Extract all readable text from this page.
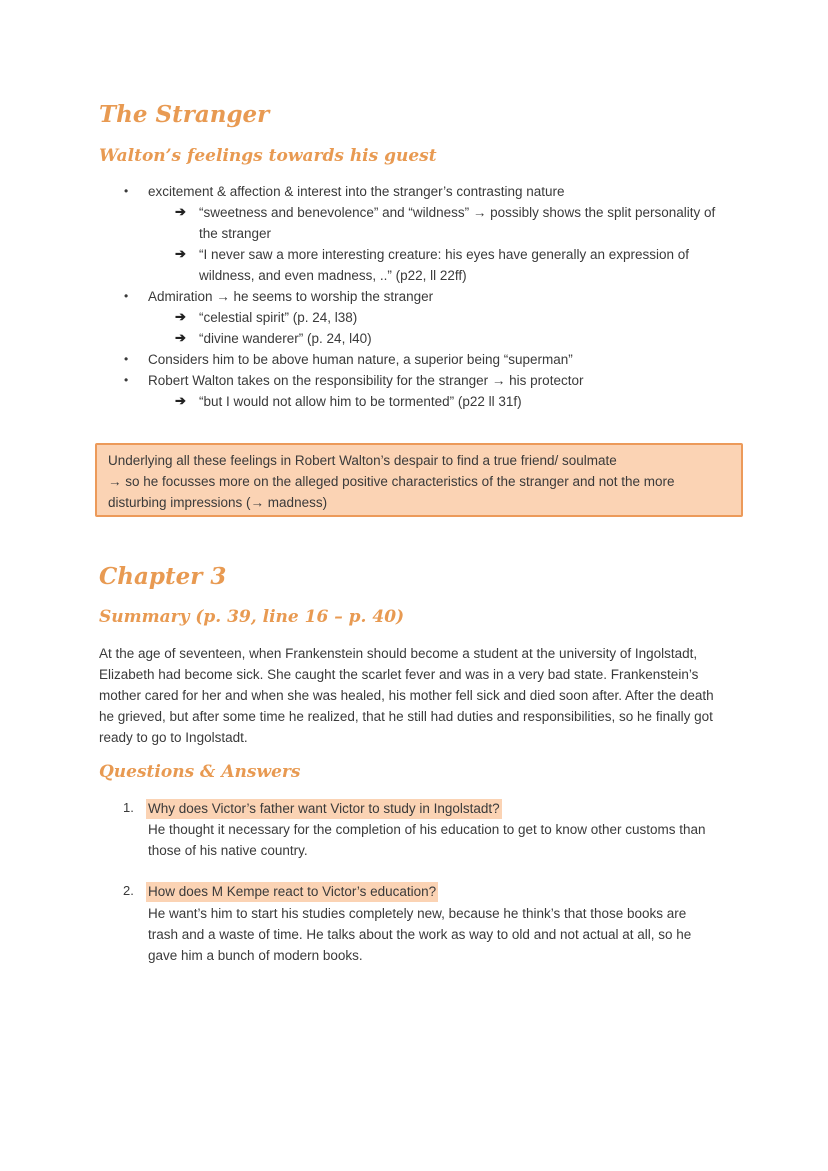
The Stranger
Walton’s feelings towards his guest
• excitement & affection & interest into the stranger’s contrasting nature
➔ “sweetness and benevolence” and “wildness” → possibly shows the split personality of
the stranger
➔ “I never saw a more interesting creature: his eyes have generally an expression of
wildness, and even madness, ..” (p22, ll 22ff)
• Admiration → he seems to worship the stranger
➔ “celestial spirit” (p. 24, l38)
➔ “divine wanderer” (p. 24, l40)
• Considers him to be above human nature, a superior being “superman”
• Robert Walton takes on the responsibility for the stranger → his protector
➔ “but I would not allow him to be tormented” (p22 ll 31f)
Underlying all these feelings in Robert Walton’s despair to find a true friend/ soulmate
→ so he focusses more on the alleged positive characteristics of the stranger and not the more
disturbing impressions (→ madness)
Chapter 3
Summary (p. 39, line 16 – p. 40)
At the age of seventeen, when Frankenstein should become a student at the university of Ingolstadt,
Elizabeth had become sick. She caught the scarlet fever and was in a very bad state. Frankenstein’s
mother cared for her and when she was healed, his mother fell sick and died soon after. After the death
he grieved, but after some time he realized, that he still had duties and responsibilities, so he finally got
ready to go to Ingolstadt.
Questions & Answers
1. Why does Victor’s father want Victor to study in Ingolstadt?
He thought it necessary for the completion of his education to get to know other customs than
those of his native country.
2. How does M Kempe react to Victor’s education?
He want’s him to start his studies completely new, because he think’s that those books are
trash and a waste of time. He talks about the work as way to old and not actual at all, so he
gave him a bunch of modern books.
